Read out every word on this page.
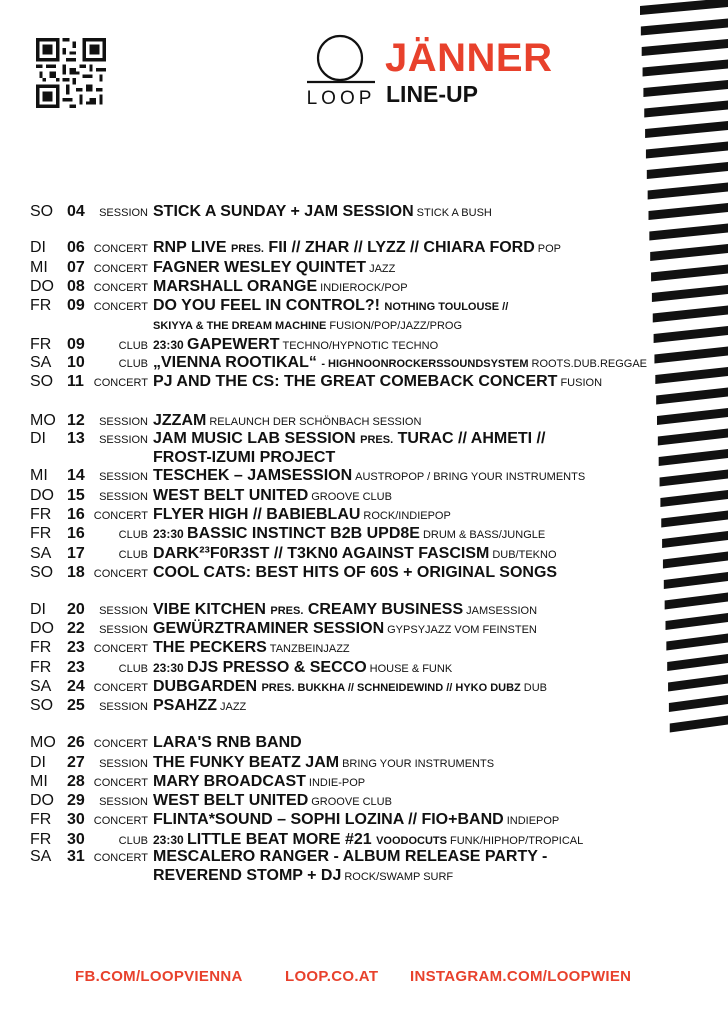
LOOP
JÄNNER
LINE-UP
SO 04	SESSION STICK A SUNDAY + JAM SESSION STICK A BUSH
DI	06 CONCERT RNP LIVE PRES. FII // ZHAR // LYZZ // CHIARA FORD POP
MI	07 CONCERT FAGNER WESLEY QUINTET JAZZ
DO 08 CONCERT MARSHALL ORANGE INDIEROCK/POP
FR 09 CONCERT DO YOU FEEL IN CONTROL?! NOTHING TOULOUSE //
SKIYYA & THE DREAM MACHINE FUSION/POP/JAZZ/PROG
FR 09	CLUB 23:30 GAPEWERT TECHNO/HYPNOTIC TECHNO
SA 10	CLUB „VIENNA ROOTIKAL“ - HIGHNOONROCKERSSOUNDSYSTEM ROOTS.DUB.REGGAE
SO 11 CONCERT PJ AND THE CS: THE GREAT COMEBACK CONCERT FUSION
MO 12	SESSION JZZAM RELAUNCH DER SCHÖNBACH SESSION
DI	13	SESSION JAM MUSIC LAB SESSION PRES. TURAC // AHMETI //
FROST-IZUMI PROJECT
MI	14	SESSION TESCHEK – JAMSESSION AUSTROPOP / BRING YOUR INSTRUMENTS
DO 15	SESSION WEST BELT UNITED GROOVE CLUB
FR 16 CONCERT FLYER HIGH // BABIEBLAU ROCK/INDIEPOP
FR 16	CLUB 23:30 BASSIC INSTINCT B2B UPD8E DRUM & BASS/JUNGLE
SA 17	CLUB DARK²³F0R3ST // T3KN0 AGAINST FASCISM DUB/TEKNO
SO 18 CONCERT COOL CATS: BEST HITS OF 60S + ORIGINAL SONGS
DI	20	SESSION VIBE KITCHEN PRES. CREAMY BUSINESS JAMSESSION
DO 22	SESSION GEWÜRZTRAMINER SESSION GYPSYJAZZ VOM FEINSTEN
FR 23 CONCERT THE PECKERS TANZBEINJAZZ
FR 23	CLUB 23:30 DJS PRESSO & SECCO HOUSE & FUNK
SA 24 CONCERT DUBGARDEN PRES. BUKKHA // SCHNEIDEWIND // HYKO DUBZ DUB
SO 25	SESSION PSAHZZ JAZZ
MO 26 CONCERT LARA'S RNB BAND
DI	27	SESSION THE FUNKY BEATZ JAM BRING YOUR INSTRUMENTS
MI	28 CONCERT MARY BROADCAST INDIE-POP
DO 29	SESSION WEST BELT UNITED GROOVE CLUB
FR 30 CONCERT FLINTA*SOUND – SOPHI LOZINA // FIO+BAND INDIEPOP
FR 30	CLUB 23:30 LITTLE BEAT MORE #21 VOODOCUTS FUNK/HIPHOP/TROPICAL
SA 31 CONCERT MESCALERO RANGER - ALBUM RELEASE PARTY -
REVEREND STOMP + DJ ROCK/SWAMP SURF
FB.COM/LOOPVIENNA	LOOP.CO.AT INSTAGRAM.COM/LOOPWIEN
